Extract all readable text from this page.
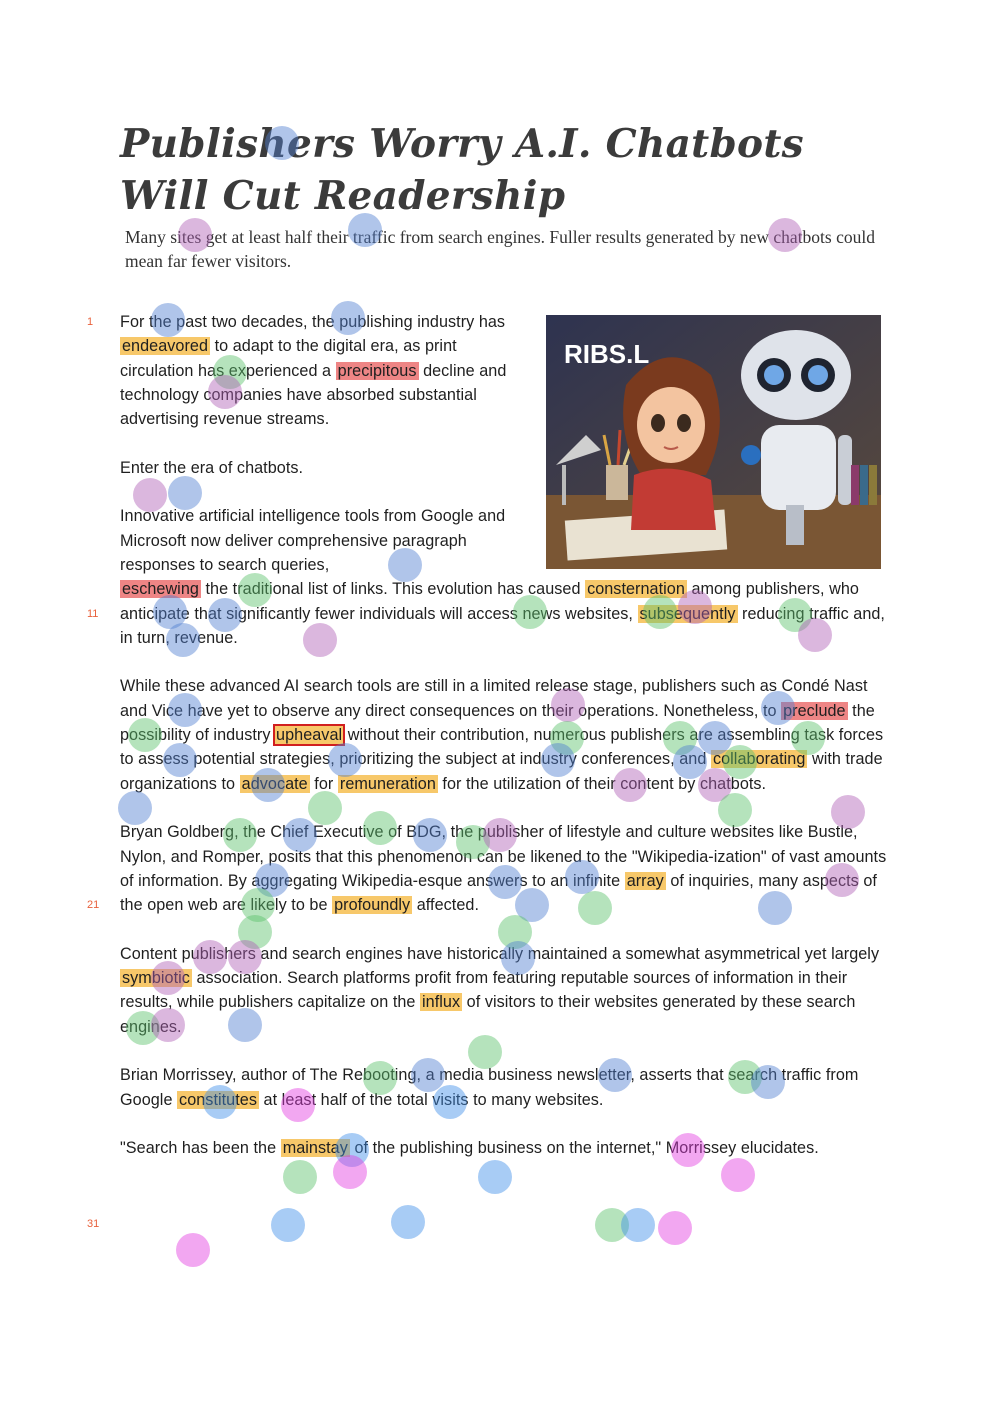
Publishers Worry A.I. Chatbots
Will Cut Readership

Many sites get at least half their traffic from search engines. Fuller results generated by new chatbots could mean far fewer visitors.

RIBS.L
1
11
21
31

For the past two decades, the publishing industry has endeavored to adapt to the digital era, as print circulation has experienced a precipitous decline and technology companies have absorbed substantial advertising revenue streams.

Enter the era of chatbots.

Innovative artificial intelligence tools from Google and Microsoft now deliver comprehensive paragraph responses to search queries,

eschewing the traditional list of links. This evolution has caused consternation among publishers, who anticipate that significantly fewer individuals will access news websites, subsequently reducing traffic and, in turn, revenue.

While these advanced AI search tools are still in a limited release stage, publishers such as Condé Nast and Vice have yet to observe any direct consequences on their operations. Nonetheless, to preclude the possibility of industry upheaval without their contribution, numerous publishers are assembling task forces to assess potential strategies, prioritizing the subject at industry conferences, and collaborating with trade organizations to advocate for remuneration for the utilization of their content by chatbots.

Bryan Goldberg, the Chief Executive of BDG, the publisher of lifestyle and culture websites like Bustle, Nylon, and Romper, posits that this phenomenon can be likened to the "Wikipedia-ization" of vast amounts of information. By aggregating Wikipedia-esque answers to an infinite array of inquiries, many aspects of the open web are likely to be profoundly affected.

Content publishers and search engines have historically maintained a somewhat asymmetrical yet largely symbiotic association. Search platforms profit from featuring reputable sources of information in their results, while publishers capitalize on the influx of visitors to their websites generated by these search engines.

Brian Morrissey, author of The Rebooting, a media business newsletter, asserts that search traffic from Google constitutes at least half of the total visits to many websites.

"Search has been the mainstay of the publishing business on the internet," Morrissey elucidates.
